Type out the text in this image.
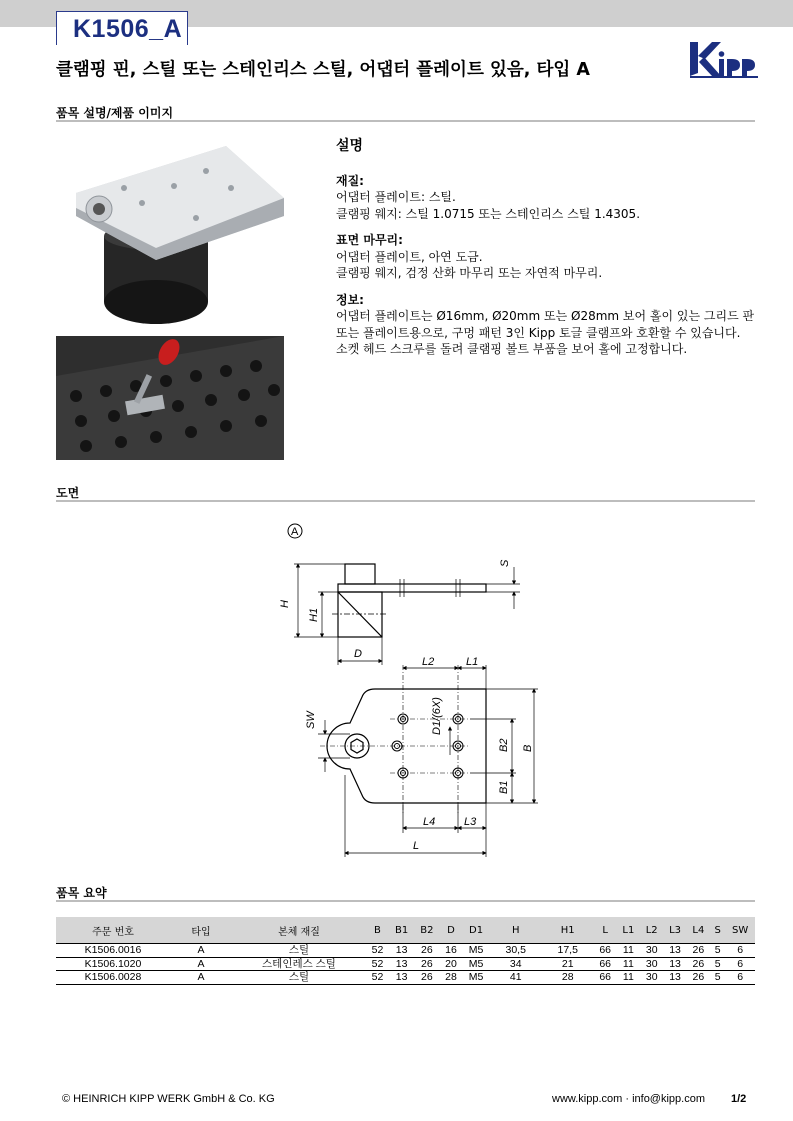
K1506_A
클램핑 핀, 스틸 또는 스테인리스 스틸, 어댑터 플레이트 있음, 타입 A
품목 설명/제품 이미지
설명
재질:

어댑터 플레이트: 스틸.
클램핑 웨지: 스틸 1.0715 또는 스테인리스 스틸 1.4305.

표면 마무리:

어댑터 플레이트, 아연 도금.
클램핑 웨지, 검정 산화 마무리 또는 자연적 마무리.

정보:

어댑터 플레이트는 Ø16mm, Ø20mm 또는 Ø28mm 보어 홀이 있는 그리드 판 또는 플레이트용으로, 구멍 패턴 3인 Kipp 토글 클램프와 호환할 수 있습니다.
소켓 헤드 스크루를 돌려 클램핑 볼트 부품을 보어 홀에 고정합니다.

도면
A
H
H1
S
D
L2	L1
SW	D1/(6X)
B2 B
B1
L4	L3
L
품목 요약
주문 번호	타입	본체 재질	B	B1	B2	D	D1	H	H1	L	L1	L2	L3	L4	S	SW
K1506.0016	A	스틸	52	13	26	16	M5	30,5	17,5	66	11	30	13	26	5	6
K1506.1020	A	스테인레스 스틸	52	13	26	20	M5	34	21	66	11	30	13	26	5	6
K1506.0028	A	스틸	52	13	26	28	M5	41	28	66	11	30	13	26	5	6
© HEINRICH KIPP WERK GmbH & Co. KG	www.kipp.com · info@kipp.com 1/2
